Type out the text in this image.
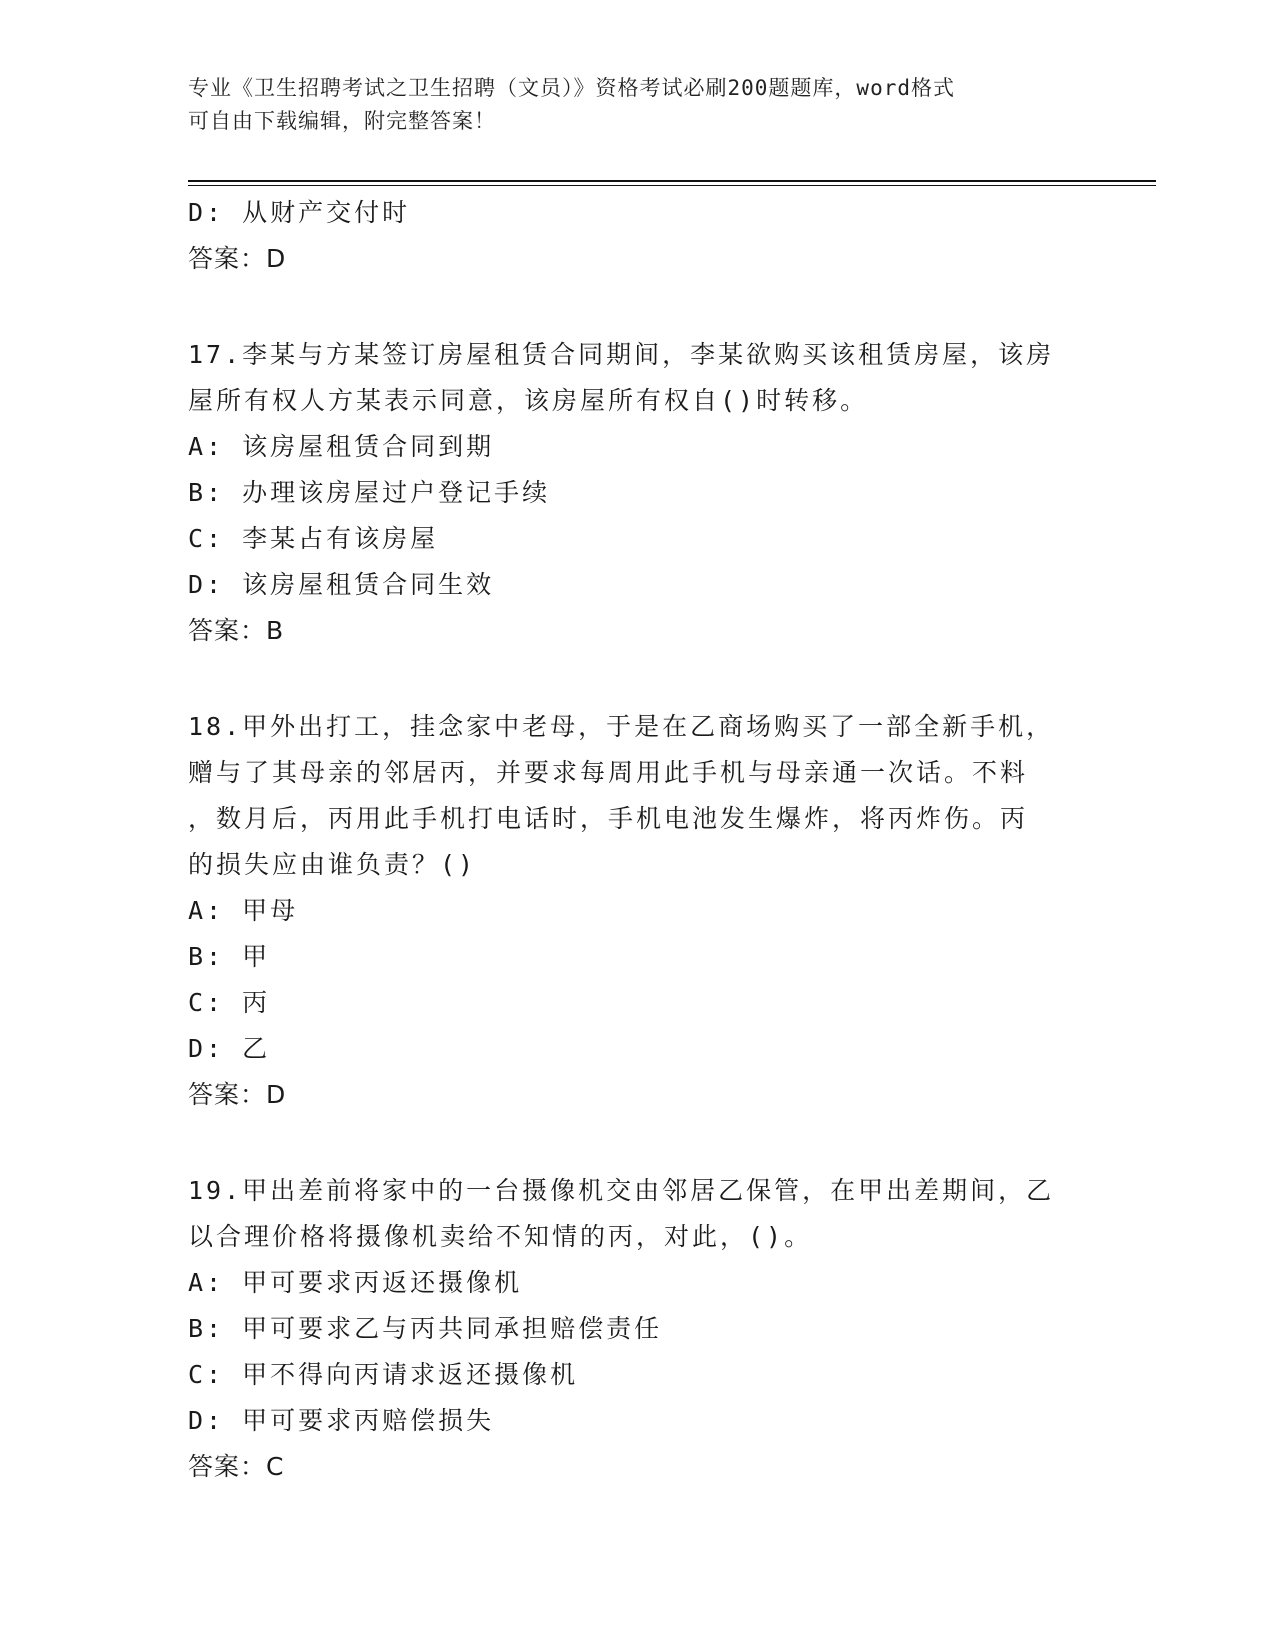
专业《卫生招聘考试之卫生招聘（文员）》资格考试必刷200题题库，word格式
可自由下载编辑，附完整答案！
D: 从财产交付时
答案：D
17.李某与方某签订房屋租赁合同期间，李某欲购买该租赁房屋，该房
屋所有权人方某表示同意，该房屋所有权自()时转移。
A: 该房屋租赁合同到期
B: 办理该房屋过户登记手续
C: 李某占有该房屋
D: 该房屋租赁合同生效
答案：B
18.甲外出打工，挂念家中老母，于是在乙商场购买了一部全新手机，
赠与了其母亲的邻居丙，并要求每周用此手机与母亲通一次话。不料
，数月后，丙用此手机打电话时，手机电池发生爆炸，将丙炸伤。丙
的损失应由谁负责？()
A: 甲母
B: 甲
C: 丙
D: 乙
答案：D
19.甲出差前将家中的一台摄像机交由邻居乙保管，在甲出差期间，乙
以合理价格将摄像机卖给不知情的丙，对此，()。
A: 甲可要求丙返还摄像机
B: 甲可要求乙与丙共同承担赔偿责任
C: 甲不得向丙请求返还摄像机
D: 甲可要求丙赔偿损失
答案：C
